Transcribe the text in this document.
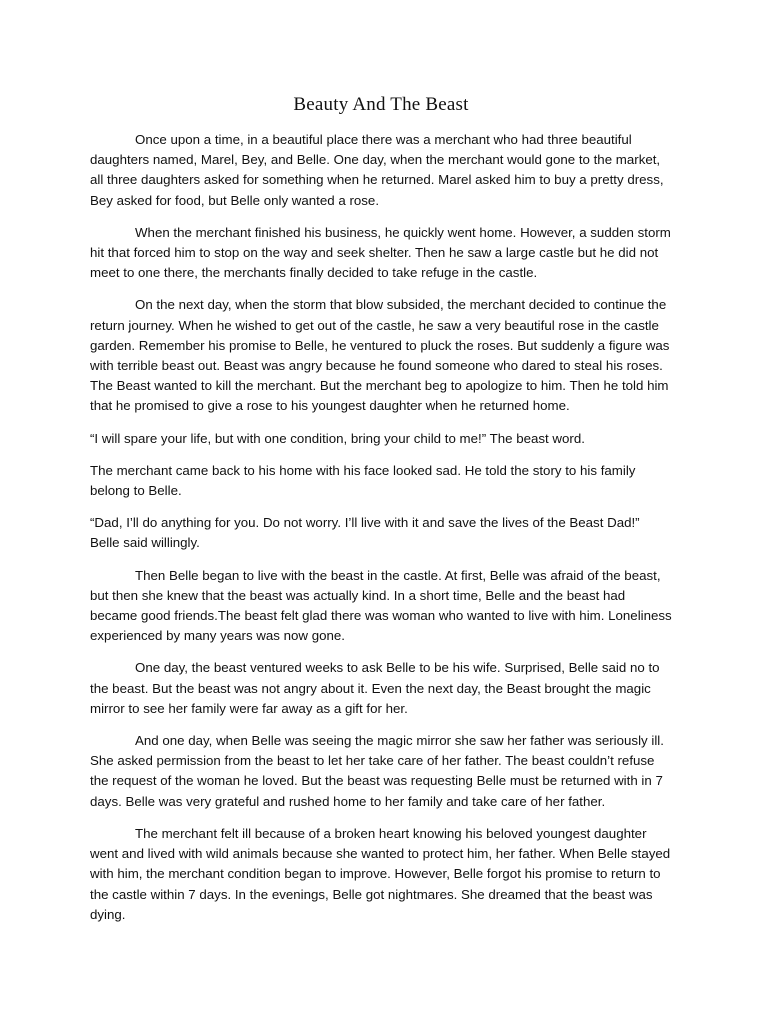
Beauty And The Beast

Once upon a time, in a beautiful place there was a merchant who had three beautiful daughters named, Marel, Bey, and Belle. One day, when the merchant would gone to the market, all three daughters asked for something when he returned. Marel asked him to buy a pretty dress, Bey asked for food, but Belle only wanted a rose.

When the merchant finished his business, he quickly went home. However, a sudden storm hit that forced him to stop on the way and seek shelter. Then he saw a large castle but he did not meet to one there, the merchants finally decided to take refuge in the castle.

On the next day, when the storm that blow subsided, the merchant decided to continue the return journey. When he wished to get out of the castle, he saw a very beautiful rose in the castle garden. Remember his promise to Belle, he ventured to pluck the roses. But suddenly a figure was with terrible beast out. Beast was angry because he found someone who dared to steal his roses. The Beast wanted to kill the merchant. But the merchant beg to apologize to him. Then he told him that he promised to give a rose to his youngest daughter when he returned home.

“I will spare your life, but with one condition, bring your child to me!” The beast word.

The merchant came back to his home with his face looked sad. He told the story to his family belong to Belle.

“Dad, I’ll do anything for you. Do not worry. I’ll live with it and save the lives of the Beast Dad!” Belle said willingly.

Then Belle began to live with the beast in the castle. At first, Belle was afraid of the beast, but then she knew that the beast was actually kind. In a short time, Belle and the beast had became good friends.The beast felt glad there was woman who wanted to live with him. Loneliness experienced by many years was now gone.

One day, the beast ventured weeks to ask Belle to be his wife. Surprised, Belle said no to the beast. But the beast was not angry about it. Even the next day, the Beast brought the magic mirror to see her family were far away as a gift for her.

And one day, when Belle was seeing the magic mirror she saw her father was seriously ill. She asked permission from the beast to let her take care of her father. The beast couldn’t refuse the request of the woman he loved. But the beast was requesting Belle must be returned with in 7 days. Belle was very grateful and rushed home to her family and take care of her father.

The merchant felt ill because of a broken heart knowing his beloved youngest daughter went and lived with wild animals because she wanted to protect him, her father. When Belle stayed with him, the merchant condition began to improve. However, Belle forgot his promise to return to the castle within 7 days. In the evenings, Belle got nightmares. She dreamed that the beast was dying.
